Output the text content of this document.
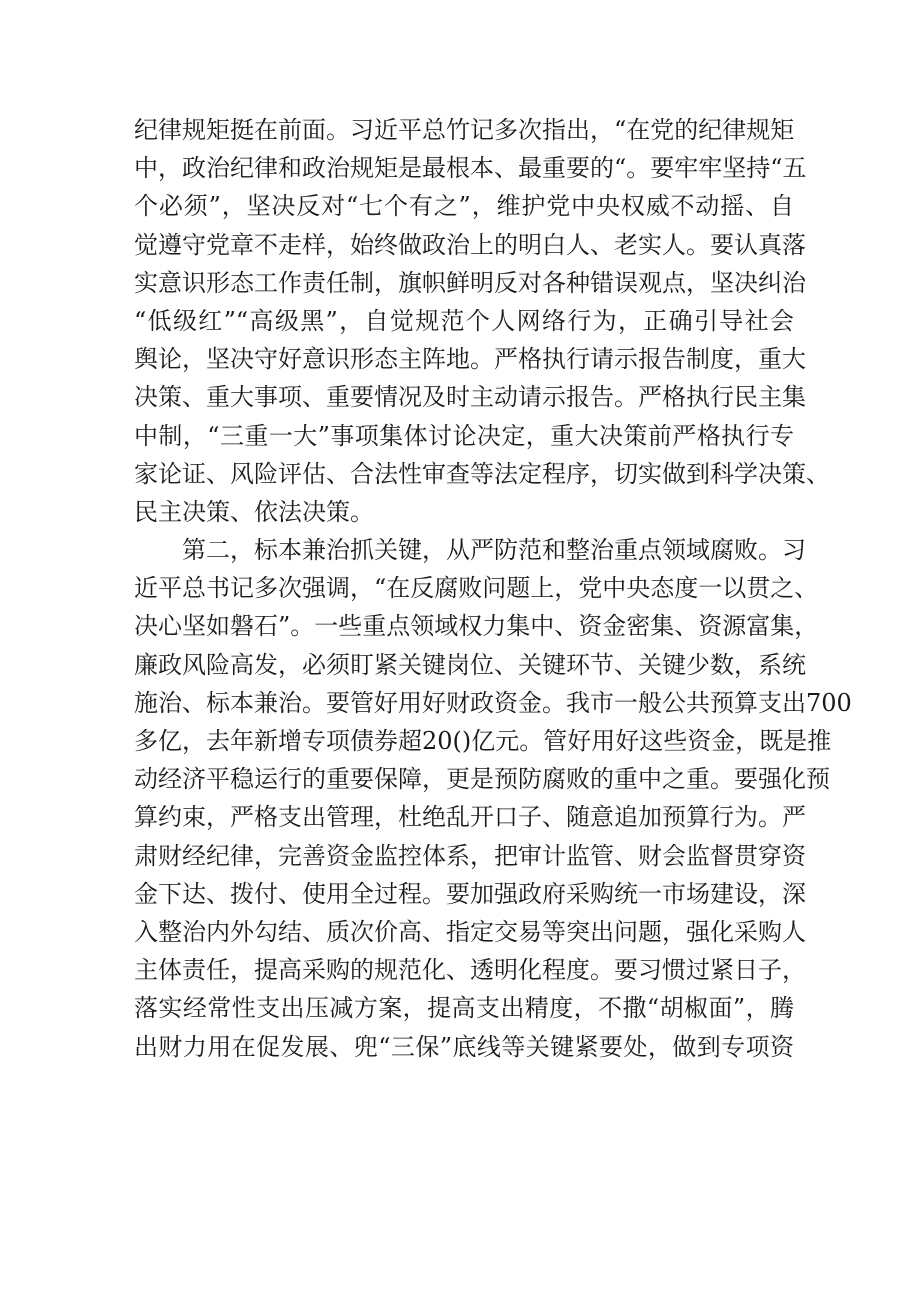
纪律规矩挺在前面。习近平总竹记多次指出，“在党的纪律规矩
中，政治纪律和政治规矩是最根本、最重要的“。要牢牢坚持“五
个必须”，坚决反对“七个有之”，维护党中央权威不动摇、自
觉遵守党章不走样，始终做政治上的明白人、老实人。要认真落
实意识形态工作责任制，旗帜鲜明反对各种错误观点，坚决纠治
“低级红”“高级黑”，自觉规范个人网络行为，正确引导社会
舆论，坚决守好意识形态主阵地。严格执行请示报告制度，重大
决策、重大事项、重要情况及时主动请示报告。严格执行民主集
中制，“三重一大”事项集体讨论决定，重大决策前严格执行专
家论证、风险评估、合法性审查等法定程序，切实做到科学决策、
民主决策、依法决策。
第二，标本兼治抓关键，从严防范和整治重点领域腐败。习
近平总书记多次强调，“在反腐败问题上，党中央态度一以贯之、
决心坚如磐石”。一些重点领域权力集中、资金密集、资源富集，
廉政风险高发，必须盯紧关键岗位、关键环节、关键少数，系统
施治、标本兼治。要管好用好财政资金。我市一般公共预算支出700
多亿，去年新增专项债券超20()亿元。管好用好这些资金，既是推
动经济平稳运行的重要保障，更是预防腐败的重中之重。要强化预
算约束，严格支出管理，杜绝乱开口子、随意追加预算行为。严
肃财经纪律，完善资金监控体系，把审计监管、财会监督贯穿资
金下达、拨付、使用全过程。要加强政府采购统一市场建设，深
入整治内外勾结、质次价高、指定交易等突出问题，强化采购人
主体责任，提高采购的规范化、透明化程度。要习惯过紧日子，
落实经常性支出压减方案，提高支出精度，不撒“胡椒面”，腾
出财力用在促发展、兜“三保”底线等关键紧要处，做到专项资
